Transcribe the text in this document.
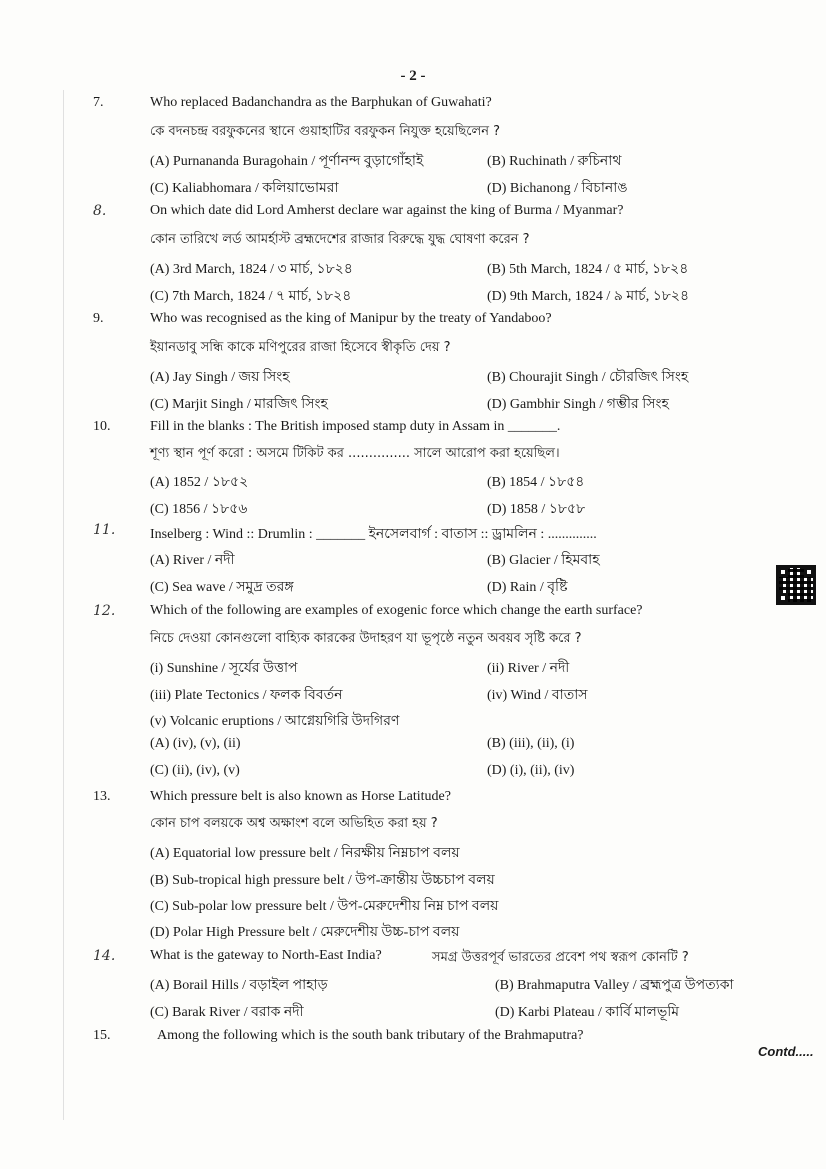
- 2 -
7.	Who replaced Badanchandra as the Barphukan of Guwahati?
কে বদনচন্দ্র বরফুকনের স্থানে গুয়াহাটির বরফুকন নিযুক্ত হয়েছিলেন ?
(A) Purnananda Buragohain / পূর্ণানন্দ বুড়াগোঁহাই	(B) Ruchinath / রুচিনাথ
(C) Kaliabhomara / কলিয়াভোমরা	(D) Bichanong / বিচানাঙ
8.	On which date did Lord Amherst declare war against the king of Burma / Myanmar?
কোন তারিখে লর্ড আমর্হাস্ট ব্রহ্মদেশের রাজার বিরুদ্ধে যুদ্ধ ঘোষণা করেন ?
(A) 3rd March, 1824 / ৩ মার্চ, ১৮২৪	(B) 5th March, 1824 / ৫ মার্চ, ১৮২৪
(C) 7th March, 1824 / ৭ মার্চ, ১৮২৪	(D) 9th March, 1824 / ৯ মার্চ, ১৮২৪
9.	Who was recognised as the king of Manipur by the treaty of Yandaboo?
ইয়ানডাবু সন্ধি কাকে মণিপুরের রাজা হিসেবে স্বীকৃতি দেয় ?
(A) Jay Singh / জয় সিংহ	(B) Chourajit Singh / চৌরজিৎ সিংহ
(C) Marjit Singh / মারজিৎ সিংহ	(D) Gambhir Singh / গম্ভীর সিংহ
10.	Fill in the blanks : The British imposed stamp duty in Assam in _______.
শূণ্য স্থান পূর্ণ করো : অসমে টিকিট কর ............... সালে আরোপ করা হয়েছিল।
(A) 1852 / ১৮৫২	(B) 1854 / ১৮৫৪
(C) 1856 / ১৮৫৬	(D) 1858 / ১৮৫৮
11. Inselberg : Wind :: Drumlin : _______ ইনসেলবার্গ : বাতাস :: ড্রামলিন : ..............
(A) River / নদী	(B) Glacier / হিমবাহ
(C) Sea wave / সমুদ্র তরঙ্গ	(D) Rain / বৃষ্টি
12. Which of the following are examples of exogenic force which change the earth surface?
নিচে দেওয়া কোনগুলো বাহ্যিক কারকের উদাহরণ যা ভূপৃষ্ঠে নতুন অবয়ব সৃষ্টি করে ?
(i) Sunshine / সূর্যের উত্তাপ	(ii) River / নদী
(iii) Plate Tectonics / ফলক বিবর্তন	(iv) Wind / বাতাস
(v) Volcanic eruptions / আগ্নেয়গিরি উদগিরণ
(A) (iv), (v), (ii)	(B) (iii), (ii), (i)
(C) (ii), (iv), (v)	(D) (i), (ii), (iv)
13.	Which pressure belt is also known as Horse Latitude?
কোন চাপ বলয়কে অশ্ব অক্ষাংশ বলে অভিহিত করা হয় ?
(A) Equatorial low pressure belt / নিরক্ষীয় নিম্নচাপ বলয়
(B) Sub-tropical high pressure belt / উপ-ক্রান্তীয় উচ্চচাপ বলয়
(C) Sub-polar low pressure belt / উপ-মেরুদেশীয় নিম্ন চাপ বলয়
(D) Polar High Pressure belt / মেরুদেশীয় উচ্চ-চাপ বলয়
14. What is the gateway to North-East India?	সমগ্র উত্তরপূর্ব ভারতের প্রবেশ পথ স্বরূপ কোনটি ?
(A) Borail Hills / বড়াইল পাহাড়	(B) Brahmaputra Valley / ব্রহ্মপুত্র উপত্যকা
(C) Barak River / বরাক নদী	(D) Karbi Plateau / কার্বি মালভূমি
15.	Among the following which is the south bank tributary of the Brahmaputra?
Contd.....
